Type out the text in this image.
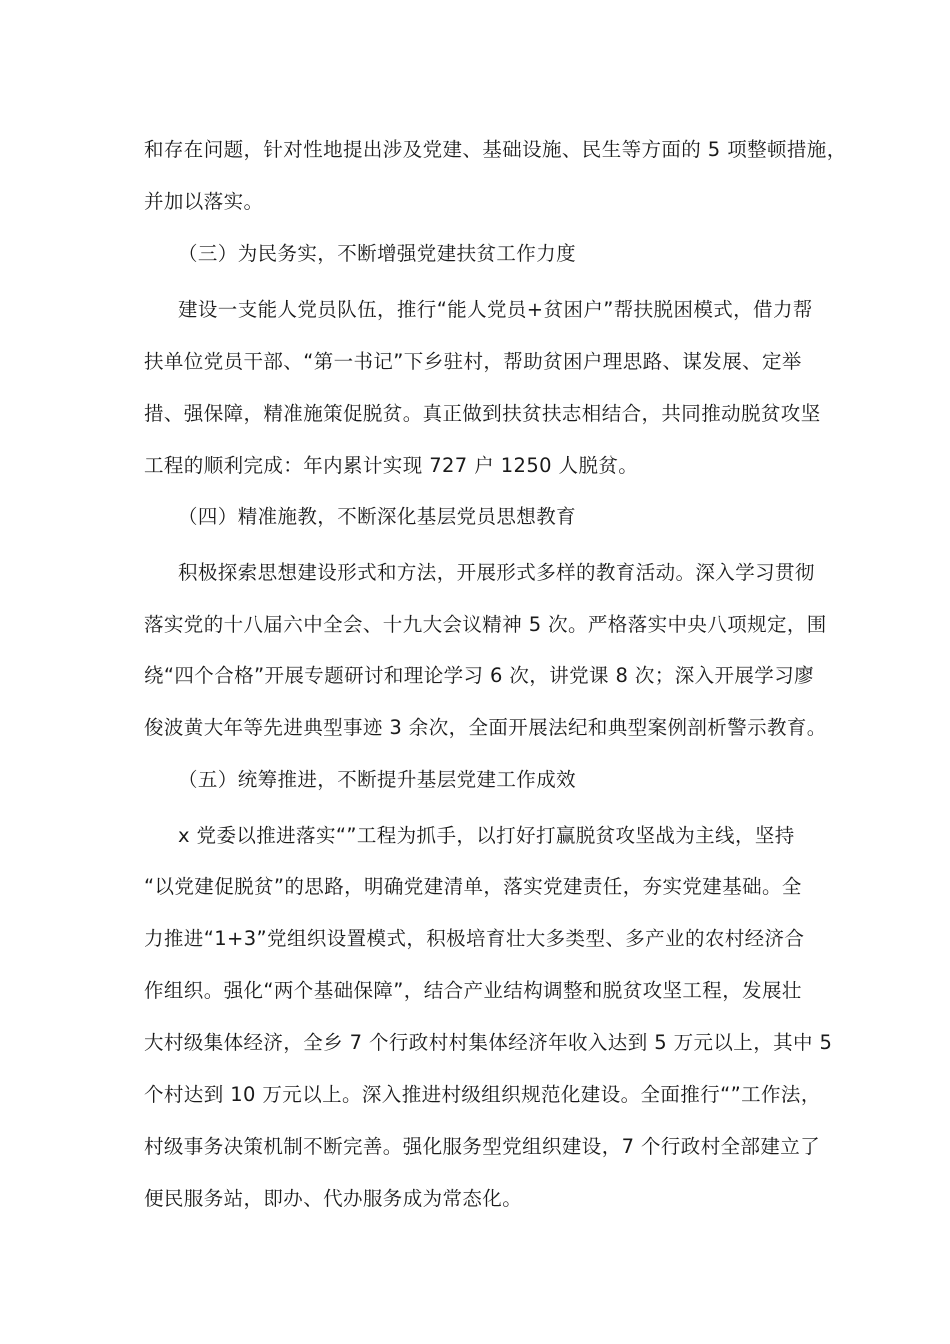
和存在问题，针对性地提出涉及党建、基础设施、民生等方面的 5 项整顿措施，
并加以落实。
（三）为民务实，不断增强党建扶贫工作力度
建设一支能人党员队伍，推行“能人党员+贫困户”帮扶脱困模式，借力帮
扶单位党员干部、“第一书记”下乡驻村，帮助贫困户理思路、谋发展、定举
措、强保障，精准施策促脱贫。真正做到扶贫扶志相结合，共同推动脱贫攻坚
工程的顺利完成：年内累计实现 727 户 1250 人脱贫。
（四）精准施教，不断深化基层党员思想教育
积极探索思想建设形式和方法，开展形式多样的教育活动。深入学习贯彻
落实党的十八届六中全会、十九大会议精神 5 次。严格落实中央八项规定，围
绕“四个合格”开展专题研讨和理论学习 6 次，讲党课 8 次；深入开展学习廖
俊波黄大年等先进典型事迹 3 余次，全面开展法纪和典型案例剖析警示教育。
（五）统筹推进，不断提升基层党建工作成效
x 党委以推进落实“”工程为抓手，以打好打赢脱贫攻坚战为主线，坚持
“以党建促脱贫”的思路，明确党建清单，落实党建责任，夯实党建基础。全
力推进“1+3”党组织设置模式，积极培育壮大多类型、多产业的农村经济合
作组织。强化“两个基础保障”，结合产业结构调整和脱贫攻坚工程，发展壮
大村级集体经济，全乡 7 个行政村村集体经济年收入达到 5 万元以上，其中 5
个村达到 10 万元以上。深入推进村级组织规范化建设。全面推行“”工作法，
村级事务决策机制不断完善。强化服务型党组织建设，7 个行政村全部建立了
便民服务站，即办、代办服务成为常态化。
